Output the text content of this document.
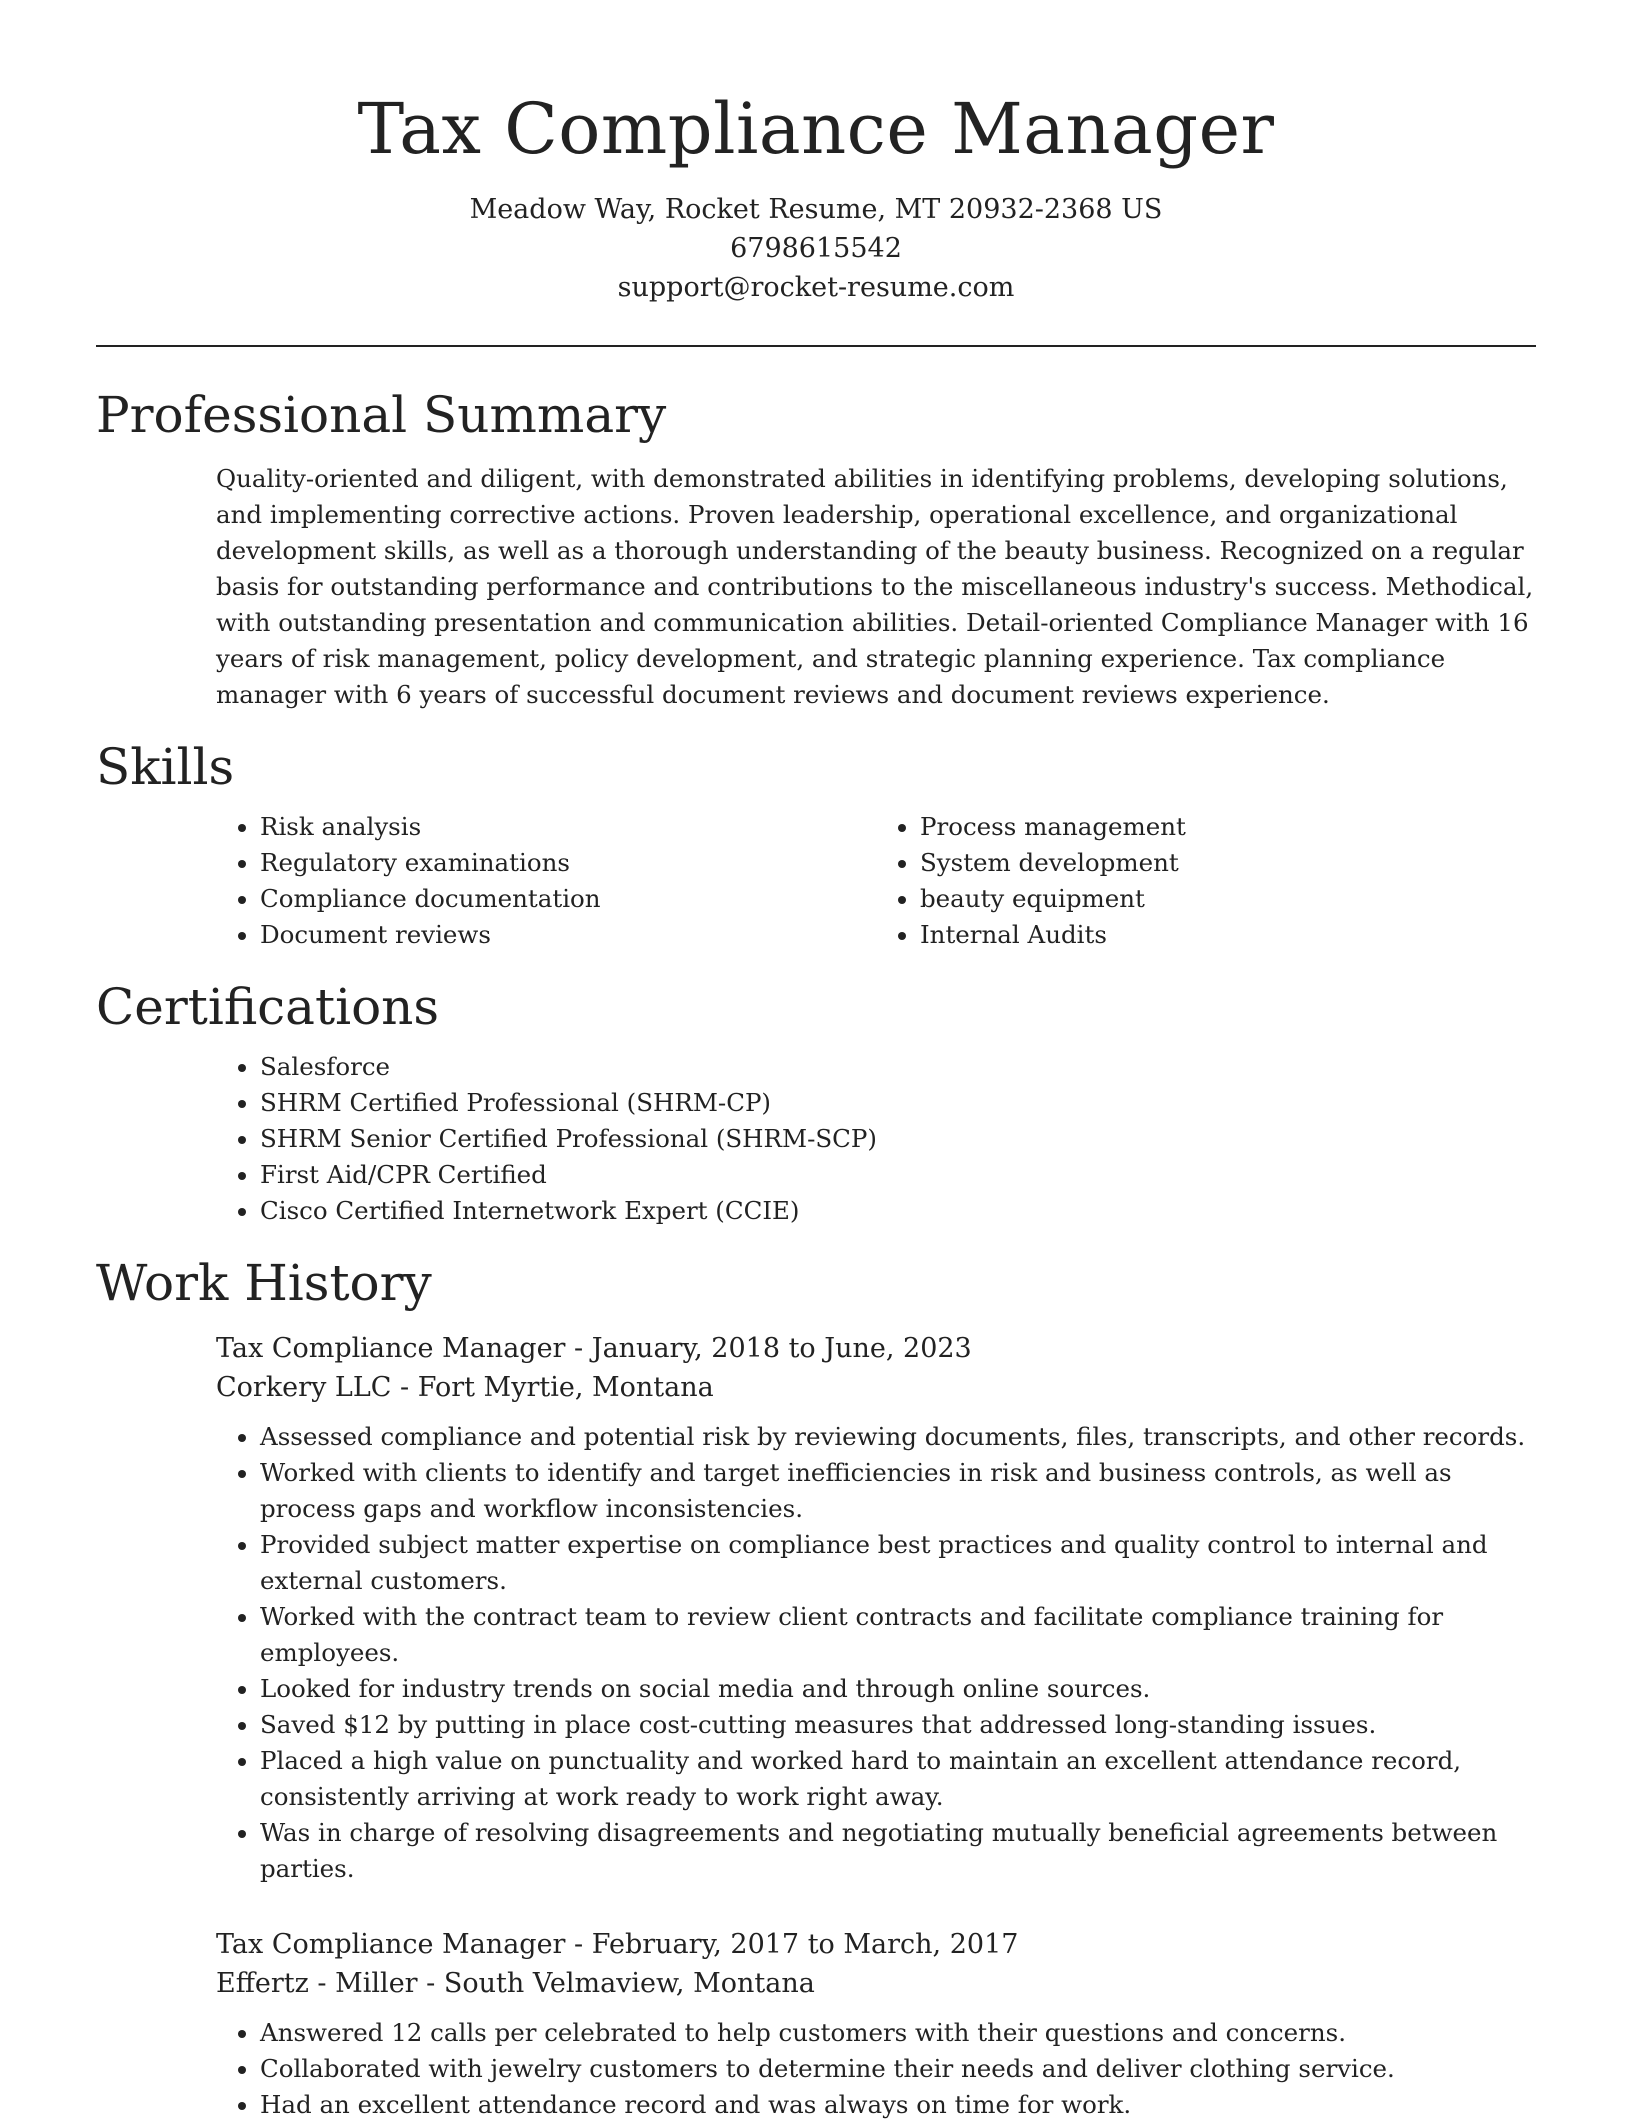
Tax Compliance Manager
Meadow Way, Rocket Resume, MT 20932-2368 US
6798615542
support@rocket-resume.com
Professional Summary
Quality-oriented and diligent, with demonstrated abilities in identifying problems, developing solutions, and implementing corrective actions. Proven leadership, operational excellence, and organizational development skills, as well as a thorough understanding of the beauty business. Recognized on a regular basis for outstanding performance and contributions to the miscellaneous industry's success. Methodical, with outstanding presentation and communication abilities. Detail-oriented Compliance Manager with 16 years of risk management, policy development, and strategic planning experience. Tax compliance manager with 6 years of successful document reviews and document reviews experience.
Skills
• Risk analysis
• Regulatory examinations
• Compliance documentation
• Document reviews
• Process management
• System development
• beauty equipment
• Internal Audits
Certifications
• Salesforce
• SHRM Certified Professional (SHRM-CP)
• SHRM Senior Certified Professional (SHRM-SCP)
• First Aid/CPR Certified
• Cisco Certified Internetwork Expert (CCIE)
Work History
Tax Compliance Manager - January, 2018 to June, 2023
Corkery LLC - Fort Myrtie, Montana
• Assessed compliance and potential risk by reviewing documents, files, transcripts, and other records.
• Worked with clients to identify and target inefficiencies in risk and business controls, as well as process gaps and workflow inconsistencies.
• Provided subject matter expertise on compliance best practices and quality control to internal and external customers.
• Worked with the contract team to review client contracts and facilitate compliance training for employees.
• Looked for industry trends on social media and through online sources.
• Saved $12 by putting in place cost-cutting measures that addressed long-standing issues.
• Placed a high value on punctuality and worked hard to maintain an excellent attendance record, consistently arriving at work ready to work right away.
• Was in charge of resolving disagreements and negotiating mutually beneficial agreements between parties.
Tax Compliance Manager - February, 2017 to March, 2017
Effertz - Miller - South Velmaview, Montana
• Answered 12 calls per celebrated to help customers with their questions and concerns.
• Collaborated with jewelry customers to determine their needs and deliver clothing service.
• Had an excellent attendance record and was always on time for work.
